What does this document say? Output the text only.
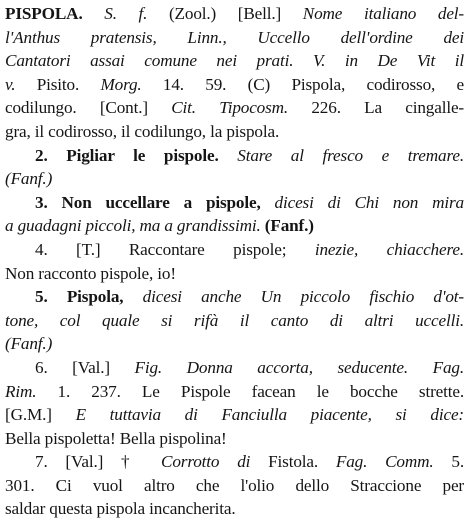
PISPOLA. S. f. (Zool.) [Bell.] Nome italiano del-
l'Anthus pratensis, Linn., Uccello dell'ordine dei
Cantatori assai comune nei prati. V. in De Vit il
v. Pisito. Morg. 14. 59. (C) Pispola, codirosso, e
codilungo. [Cont.] Cit. Tipocosm. 226. La cingalle-
gra, il codirosso, il codilungo, la pispola.
2. Pigliar le pispole. Stare al fresco e tremare.
(Fanf.)
3. Non uccellare a pispole, dicesi di Chi non mira
a guadagni piccoli, ma a grandissimi. (Fanf.)
4. [T.] Raccontare pispole; inezie, chiacchere.
Non racconto pispole, io!
5. Pispola, dicesi anche Un piccolo fischio d'ot-
tone, col quale si rifà il canto di altri uccelli.
(Fanf.)
6. [Val.] Fig. Donna accorta, seducente. Fag.
Rim. 1. 237. Le Pispole facean le bocche strette.
[G.M.] E tuttavia di Fanciulla piacente, si dice:
Bella pispoletta! Bella pispolina!
7. [Val.] † Corrotto di Fistola. Fag. Comm. 5.
301. Ci vuol altro che l'olio dello Straccione per
saldar questa pispola incancherita.
